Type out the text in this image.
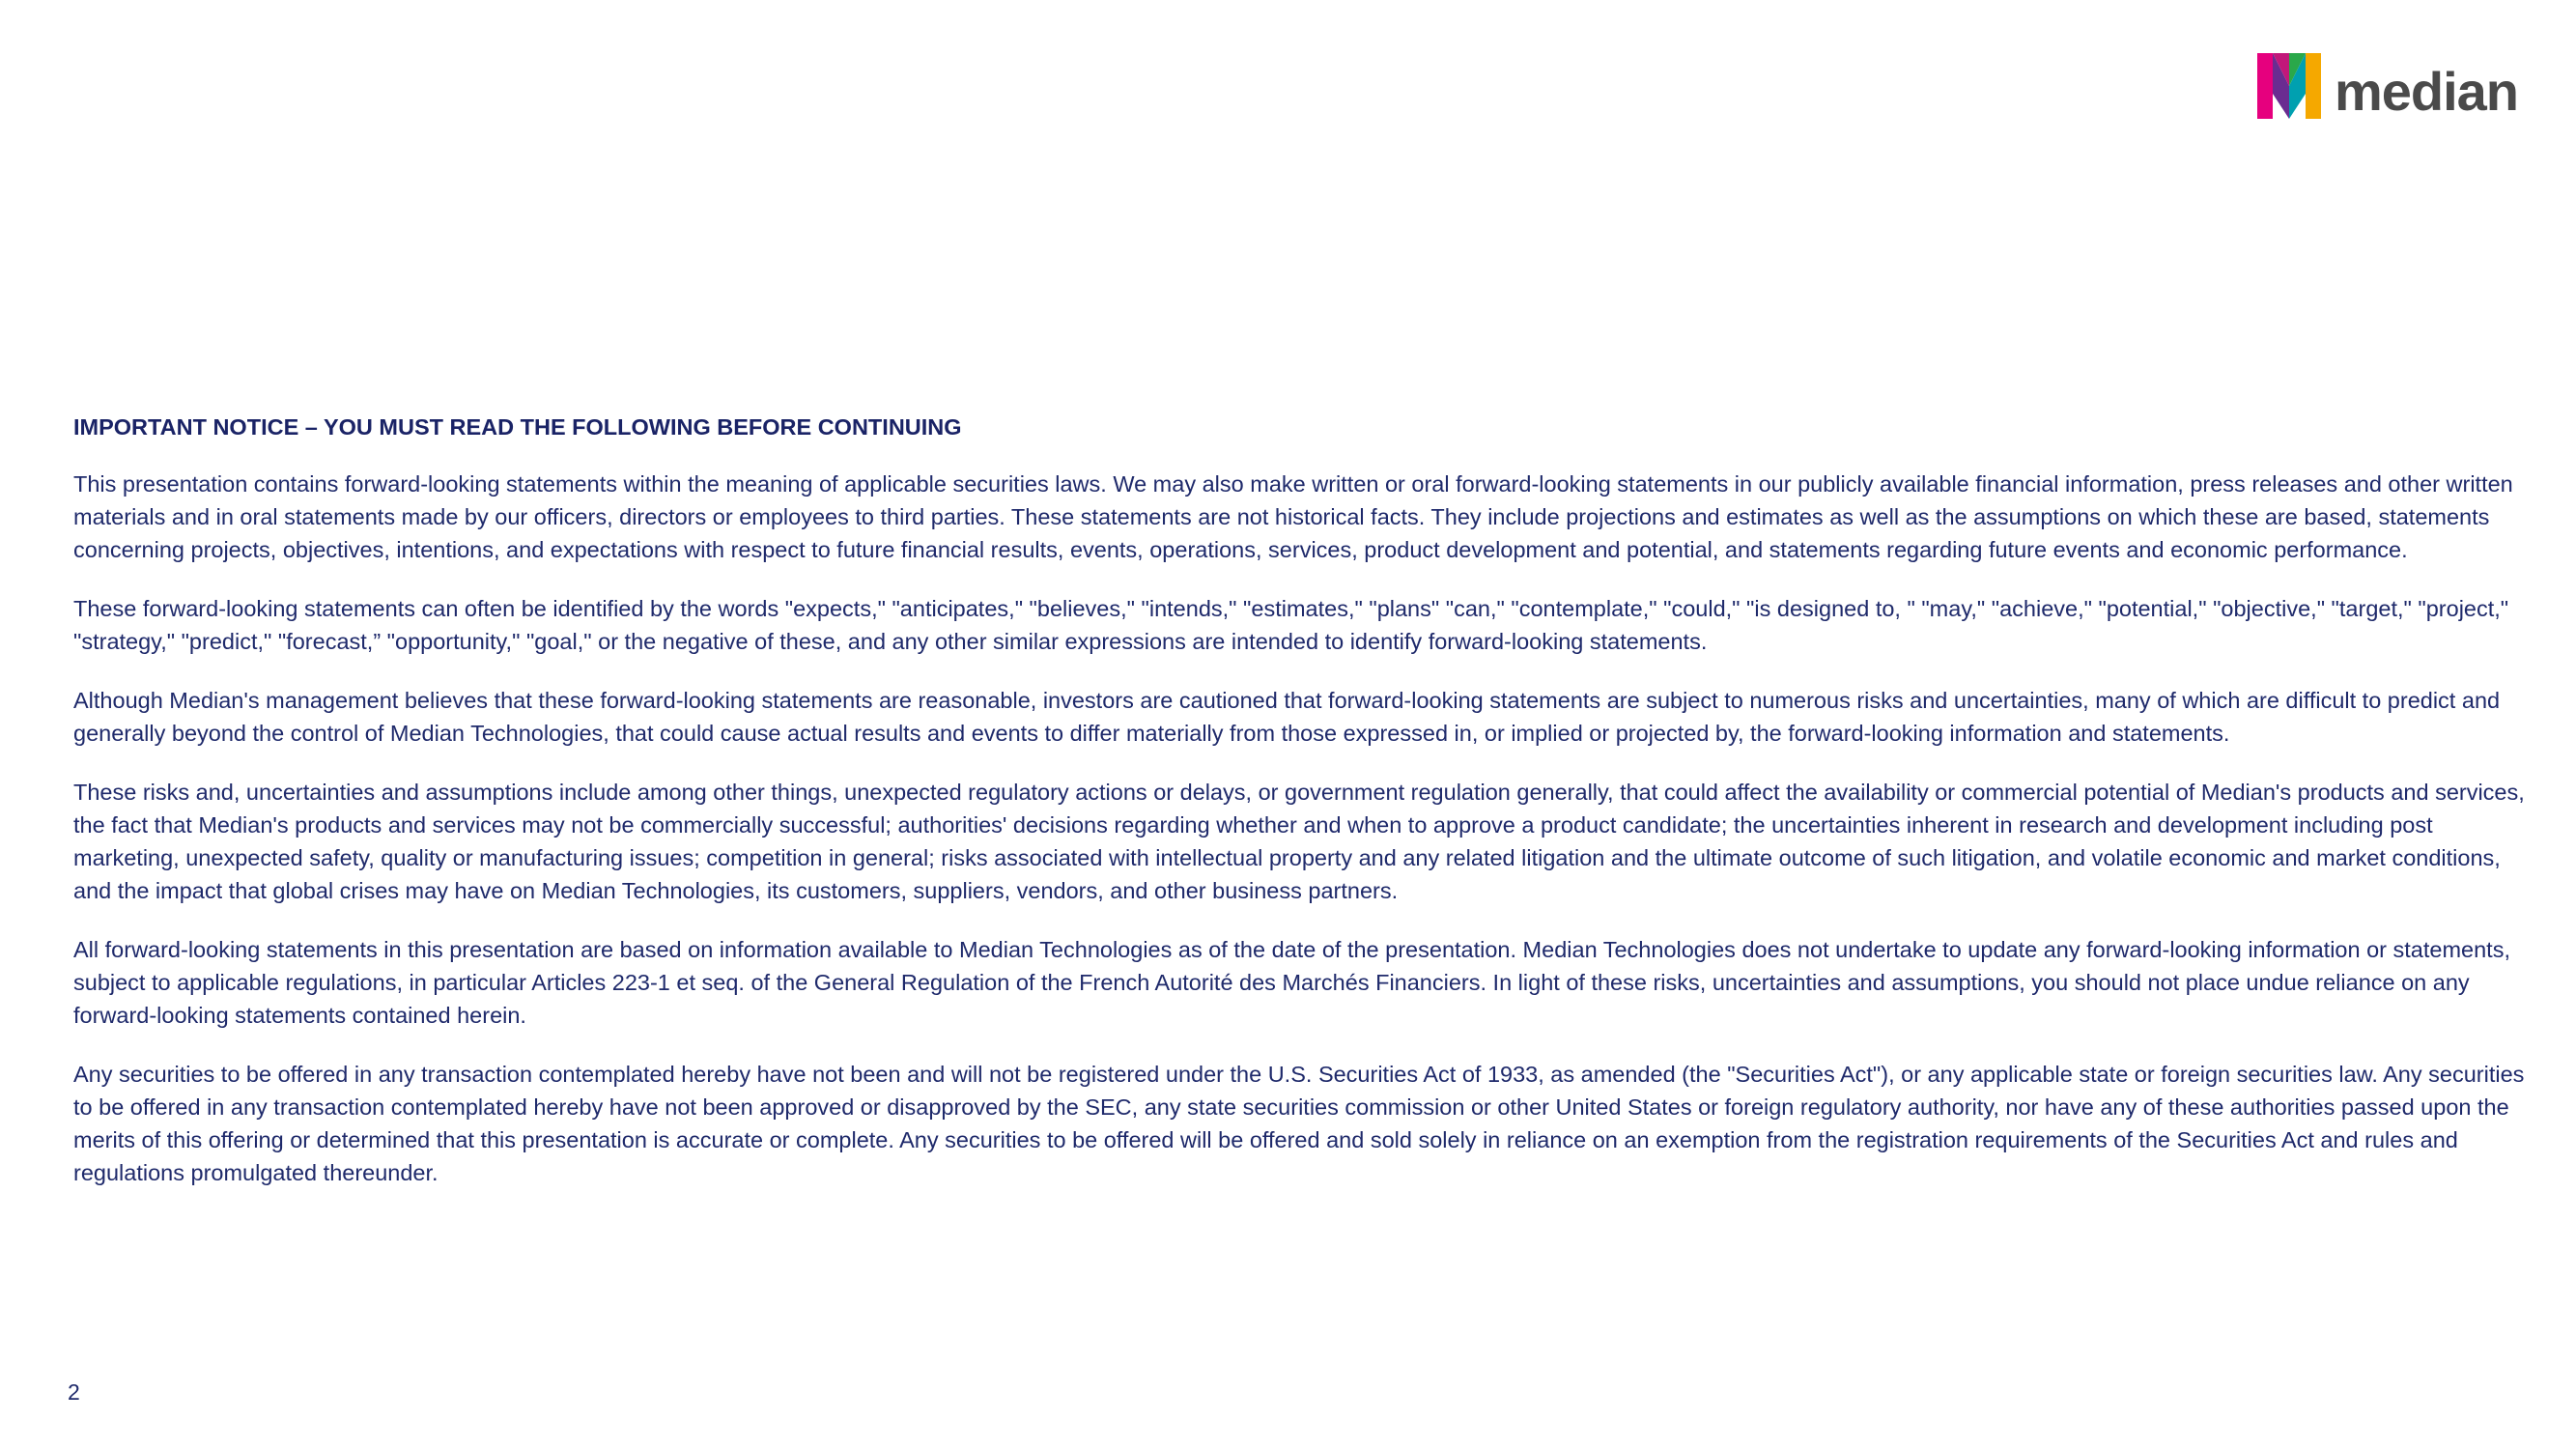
median
IMPORTANT NOTICE – YOU MUST READ THE FOLLOWING BEFORE CONTINUING

This presentation contains forward-looking statements within the meaning of applicable securities laws. We may also make written or oral forward-looking statements in our publicly available financial information, press releases and other written materials and in oral statements made by our officers, directors or employees to third parties. These statements are not historical facts. They include projections and estimates as well as the assumptions on which these are based, statements concerning projects, objectives, intentions, and expectations with respect to future financial results, events, operations, services, product development and potential, and statements regarding future events and economic performance.

These forward-looking statements can often be identified by the words "expects," "anticipates," "believes," "intends," "estimates," "plans" "can," "contemplate," "could," "is designed to, " "may," "achieve," "potential," "objective," "target," "project," "strategy," "predict," "forecast,” "opportunity," "goal," or the negative of these, and any other similar expressions are intended to identify forward-looking statements.

Although Median's management believes that these forward-looking statements are reasonable, investors are cautioned that forward-looking statements are subject to numerous risks and uncertainties, many of which are difficult to predict and generally beyond the control of Median Technologies, that could cause actual results and events to differ materially from those expressed in, or implied or projected by, the forward-looking information and statements.

These risks and, uncertainties and assumptions include among other things, unexpected regulatory actions or delays, or government regulation generally, that could affect the availability or commercial potential of Median's products and services, the fact that Median's products and services may not be commercially successful; authorities' decisions regarding whether and when to approve a product candidate; the uncertainties inherent in research and development including post marketing, unexpected safety, quality or manufacturing issues; competition in general; risks associated with intellectual property and any related litigation and the ultimate outcome of such litigation, and volatile economic and market conditions, and the impact that global crises may have on Median Technologies, its customers, suppliers, vendors, and other business partners.

All forward-looking statements in this presentation are based on information available to Median Technologies as of the date of the presentation. Median Technologies does not undertake to update any forward-looking information or statements, subject to applicable regulations, in particular Articles 223-1 et seq. of the General Regulation of the French Autorité des Marchés Financiers. In light of these risks, uncertainties and assumptions, you should not place undue reliance on any forward-looking statements contained herein.

Any securities to be offered in any transaction contemplated hereby have not been and will not be registered under the U.S. Securities Act of 1933, as amended (the "Securities Act"), or any applicable state or foreign securities law. Any securities to be offered in any transaction contemplated hereby have not been approved or disapproved by the SEC, any state securities commission or other United States or foreign regulatory authority, nor have any of these authorities passed upon the merits of this offering or determined that this presentation is accurate or complete. Any securities to be offered will be offered and sold solely in reliance on an exemption from the registration requirements of the Securities Act and rules and regulations promulgated thereunder.

2
